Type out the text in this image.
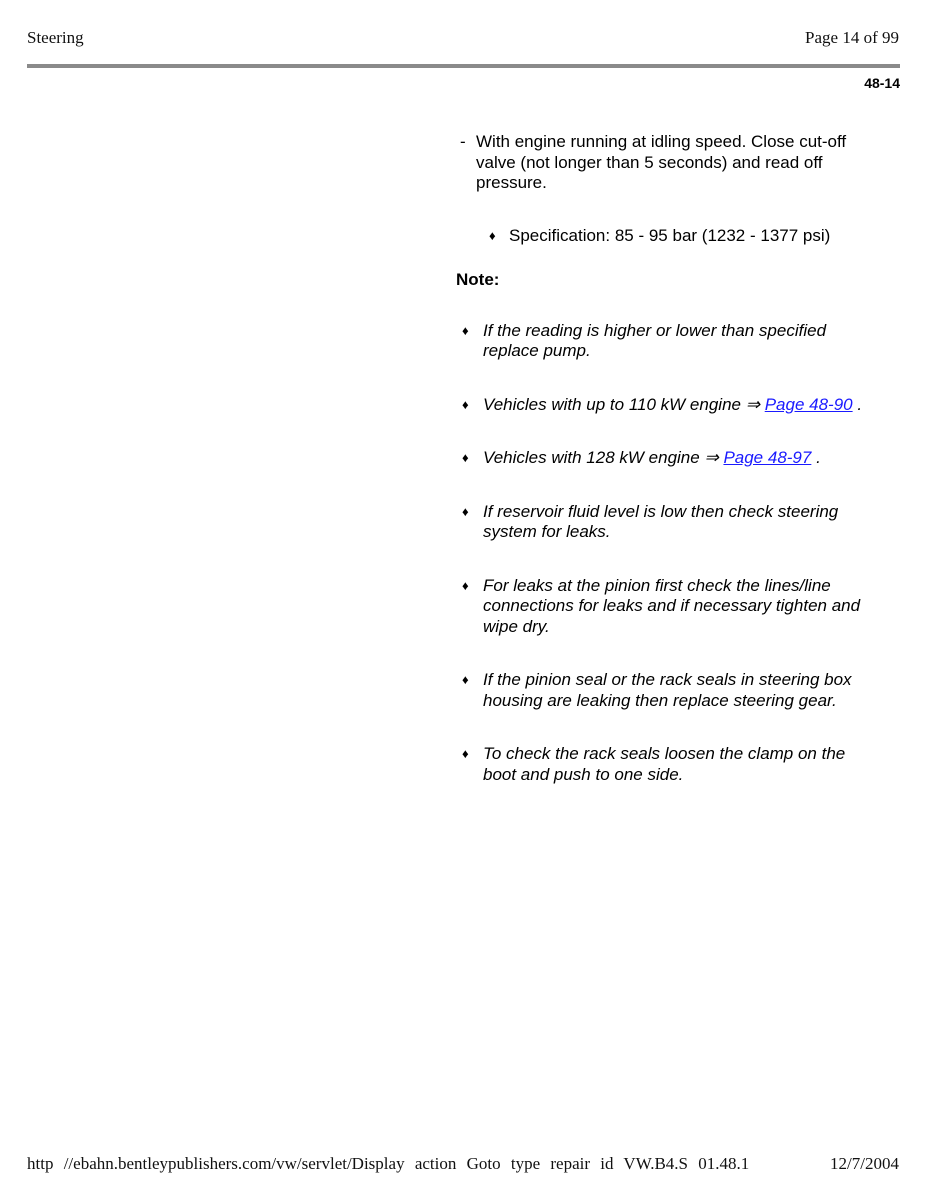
Steering	Page 14 of 99
48-14
- With engine running at idling speed. Close cut-off valve (not longer than 5 seconds) and read off pressure.
♦ Specification: 85 - 95 bar (1232 - 1377 psi)
Note:
♦ If the reading is higher or lower than specified replace pump.
♦ Vehicles with up to 110 kW engine ⇒ Page 48-90 .
♦ Vehicles with 128 kW engine ⇒ Page 48-97 .
♦ If reservoir fluid level is low then check steering system for leaks.
♦ For leaks at the pinion first check the lines/line connections for leaks and if necessary tighten and wipe dry.
♦ If the pinion seal or the rack seals in steering box housing are leaking then replace steering gear.
♦ To check the rack seals loosen the clamp on the boot and push to one side.
http //ebahn.bentleypublishers.com/vw/servlet/Display action Goto type repair id VW.B4.S 01.48.1	12/7/2004
